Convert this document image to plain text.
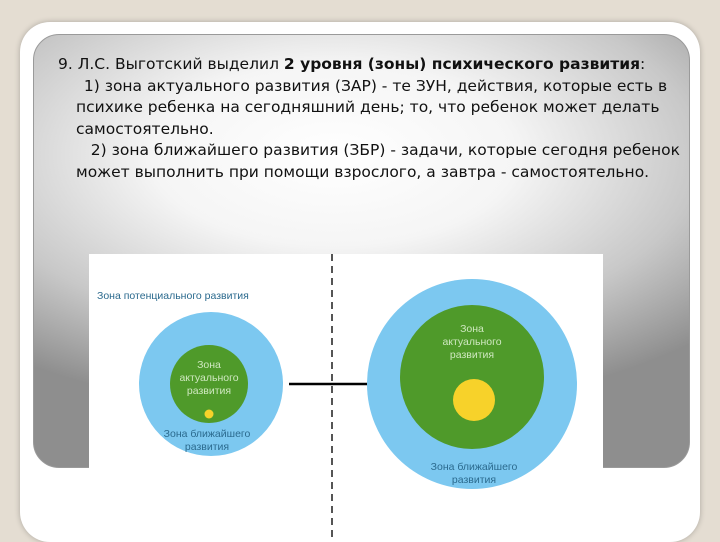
9. Л.С. Выготский выделил 2 уровня (зоны) психического развития:

1) зона актуального развития (ЗАР) - те ЗУН, действия, которые есть в психике ребенка на сегодняшний день; то, что ребенок может делать самостоятельно.

2) зона ближайшего развития (ЗБР) - задачи, которые сегодня ребенок может выполнить при помощи взрослого, а завтра - самостоятельно.

Зона потенциального развития
Зона
актуального
развития
Зона ближайшего
развития
Зона
актуального
развития
Зона ближайшего
развития
